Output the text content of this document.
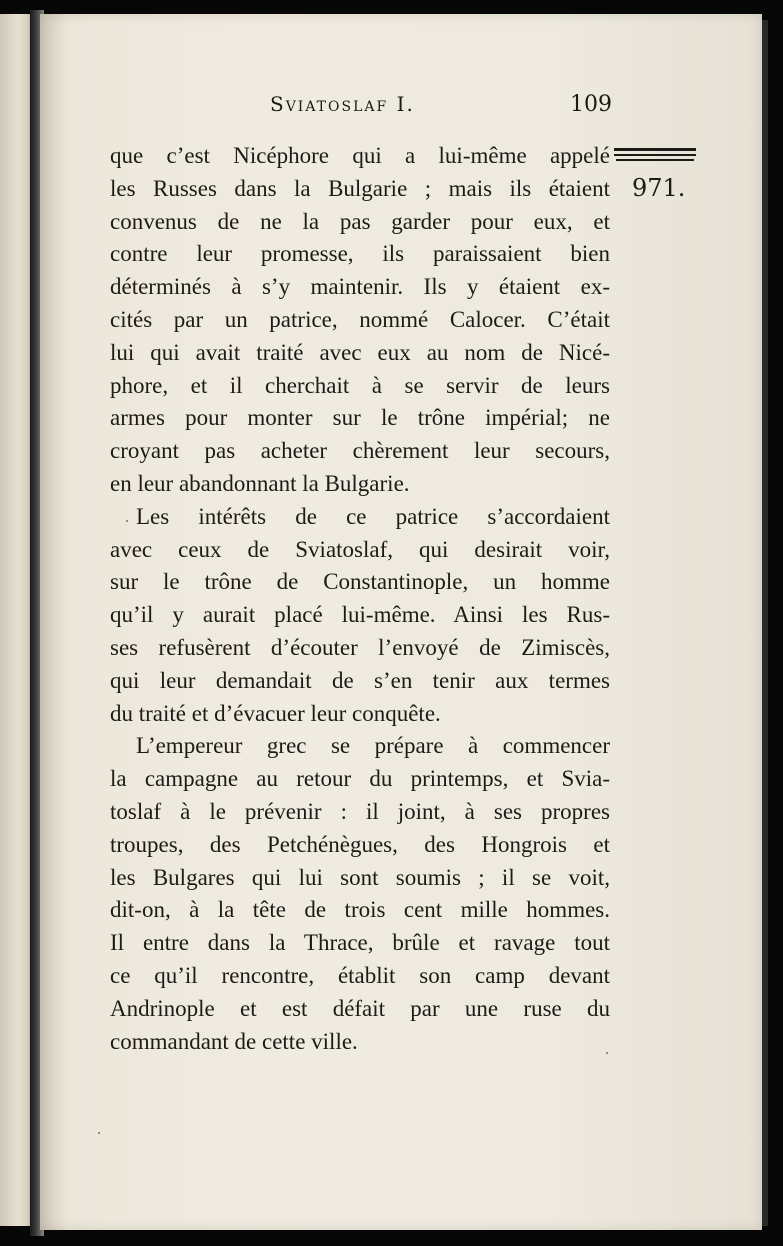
Sviatoslaf I.	109
971.
que c’est Nicéphore qui a lui-même appelé
les Russes dans la Bulgarie ; mais ils étaient
convenus de ne la pas garder pour eux, et
contre leur promesse, ils paraissaient bien
déterminés à s’y maintenir. Ils y étaient ex-
cités par un patrice, nommé Calocer. C’était
lui qui avait traité avec eux au nom de Nicé-
phore, et il cherchait à se servir de leurs
armes pour monter sur le trône impérial; ne
croyant pas acheter chèrement leur secours,
en leur abandonnant la Bulgarie.
Les intérêts de ce patrice s’accordaient
avec ceux de Sviatoslaf, qui desirait voir,
sur le trône de Constantinople, un homme
qu’il y aurait placé lui-même. Ainsi les Rus-
ses refusèrent d’écouter l’envoyé de Zimiscès,
qui leur demandait de s’en tenir aux termes
du traité et d’évacuer leur conquête.
L’empereur grec se prépare à commencer
la campagne au retour du printemps, et Svia-
toslaf à le prévenir : il joint, à ses propres
troupes, des Petchénègues, des Hongrois et
les Bulgares qui lui sont soumis ; il se voit,
dit-on, à la tête de trois cent mille hommes.
Il entre dans la Thrace, brûle et ravage tout
ce qu’il rencontre, établit son camp devant
Andrinople et est défait par une ruse du
commandant de cette ville.
